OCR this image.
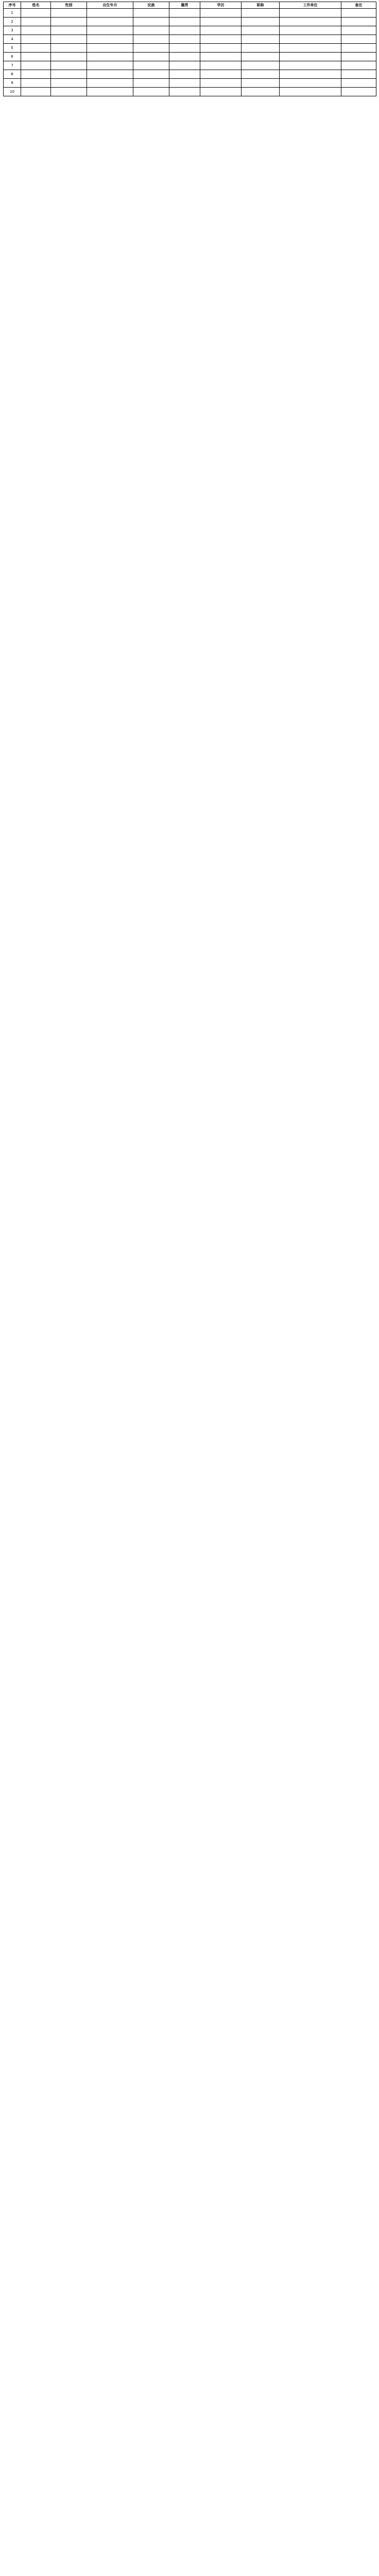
序号	姓名	性别	出生年月	民族	籍贯	学历	职称	工作单位	备注
1									
2									
3									
4									
5									
6									
7									
8									
9									
10									
